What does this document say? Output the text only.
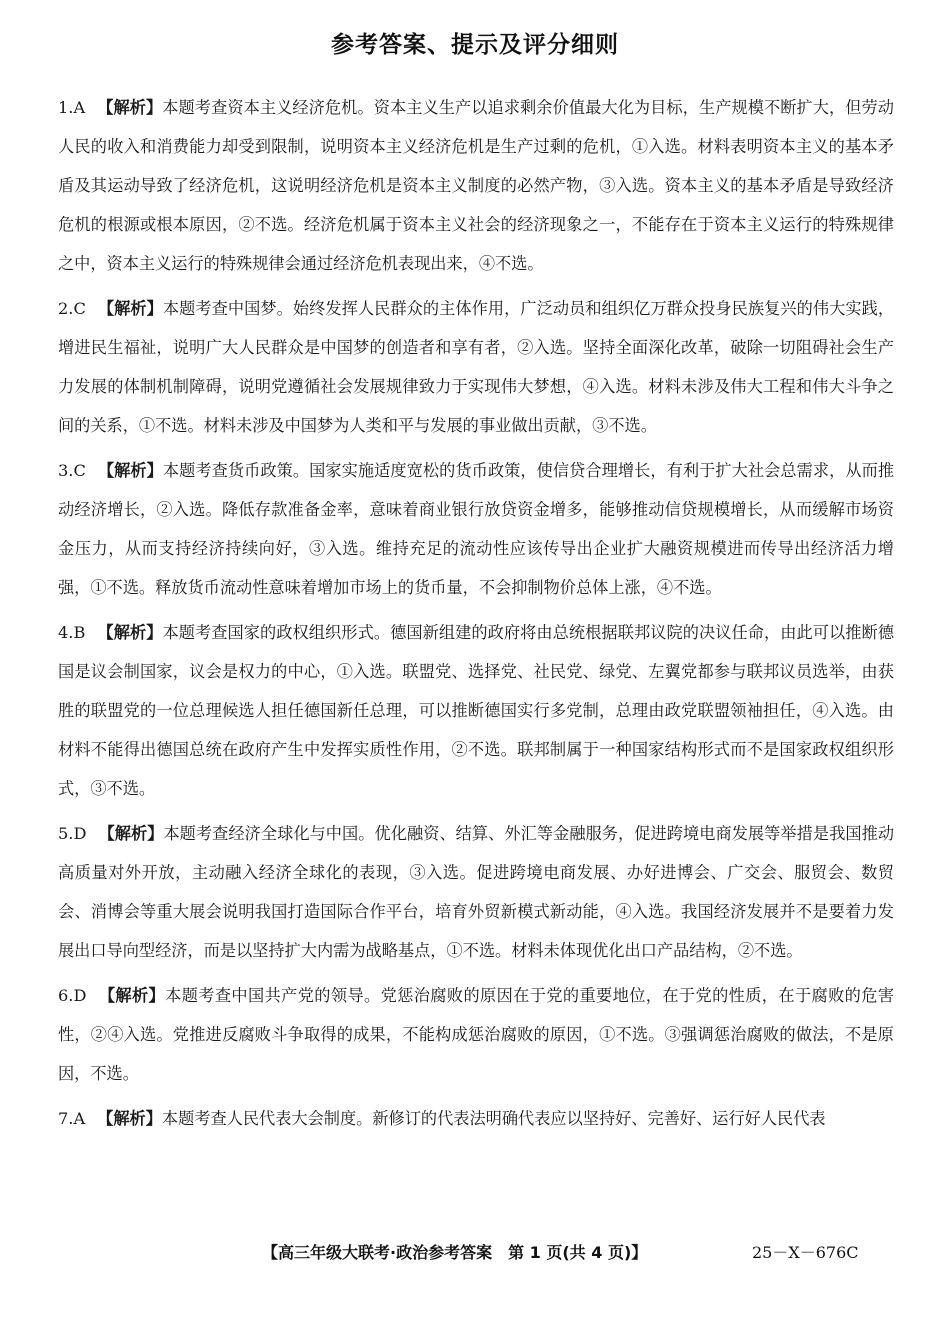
参考答案、提示及评分细则

1.A 【解析】本题考查资本主义经济危机。资本主义生产以追求剩余价值最大化为目标，生产规模不断扩大，但劳动人民的收入和消费能力却受到限制，说明资本主义经济危机是生产过剩的危机，①入选。材料表明资本主义的基本矛盾及其运动导致了经济危机，这说明经济危机是资本主义制度的必然产物，③入选。资本主义的基本矛盾是导致经济危机的根源或根本原因，②不选。经济危机属于资本主义社会的经济现象之一，不能存在于资本主义运行的特殊规律之中，资本主义运行的特殊规律会通过经济危机表现出来，④不选。

2.C 【解析】本题考查中国梦。始终发挥人民群众的主体作用，广泛动员和组织亿万群众投身民族复兴的伟大实践，增进民生福祉，说明广大人民群众是中国梦的创造者和享有者，②入选。坚持全面深化改革，破除一切阻碍社会生产力发展的体制机制障碍，说明党遵循社会发展规律致力于实现伟大梦想，④入选。材料未涉及伟大工程和伟大斗争之间的关系，①不选。材料未涉及中国梦为人类和平与发展的事业做出贡献，③不选。

3.C 【解析】本题考查货币政策。国家实施适度宽松的货币政策，使信贷合理增长，有利于扩大社会总需求，从而推动经济增长，②入选。降低存款准备金率，意味着商业银行放贷资金增多，能够推动信贷规模增长，从而缓解市场资金压力，从而支持经济持续向好，③入选。维持充足的流动性应该传导出企业扩大融资规模进而传导出经济活力增强，①不选。释放货币流动性意味着增加市场上的货币量，不会抑制物价总体上涨，④不选。

4.B 【解析】本题考查国家的政权组织形式。德国新组建的政府将由总统根据联邦议院的决议任命，由此可以推断德国是议会制国家，议会是权力的中心，①入选。联盟党、选择党、社民党、绿党、左翼党都参与联邦议员选举，由获胜的联盟党的一位总理候选人担任德国新任总理，可以推断德国实行多党制，总理由政党联盟领袖担任，④入选。由材料不能得出德国总统在政府产生中发挥实质性作用，②不选。联邦制属于一种国家结构形式而不是国家政权组织形式，③不选。

5.D 【解析】本题考查经济全球化与中国。优化融资、结算、外汇等金融服务，促进跨境电商发展等举措是我国推动高质量对外开放，主动融入经济全球化的表现，③入选。促进跨境电商发展、办好进博会、广交会、服贸会、数贸会、消博会等重大展会说明我国打造国际合作平台，培育外贸新模式新动能，④入选。我国经济发展并不是要着力发展出口导向型经济，而是以坚持扩大内需为战略基点，①不选。材料未体现优化出口产品结构，②不选。

6.D 【解析】本题考查中国共产党的领导。党惩治腐败的原因在于党的重要地位，在于党的性质，在于腐败的危害性，②④入选。党推进反腐败斗争取得的成果，不能构成惩治腐败的原因，①不选。③强调惩治腐败的做法，不是原因，不选。

7.A 【解析】本题考查人民代表大会制度。新修订的代表法明确代表应以坚持好、完善好、运行好人民代表

【高三年级大联考·政治参考答案　第 1 页(共 4 页)】	25－X－676C
